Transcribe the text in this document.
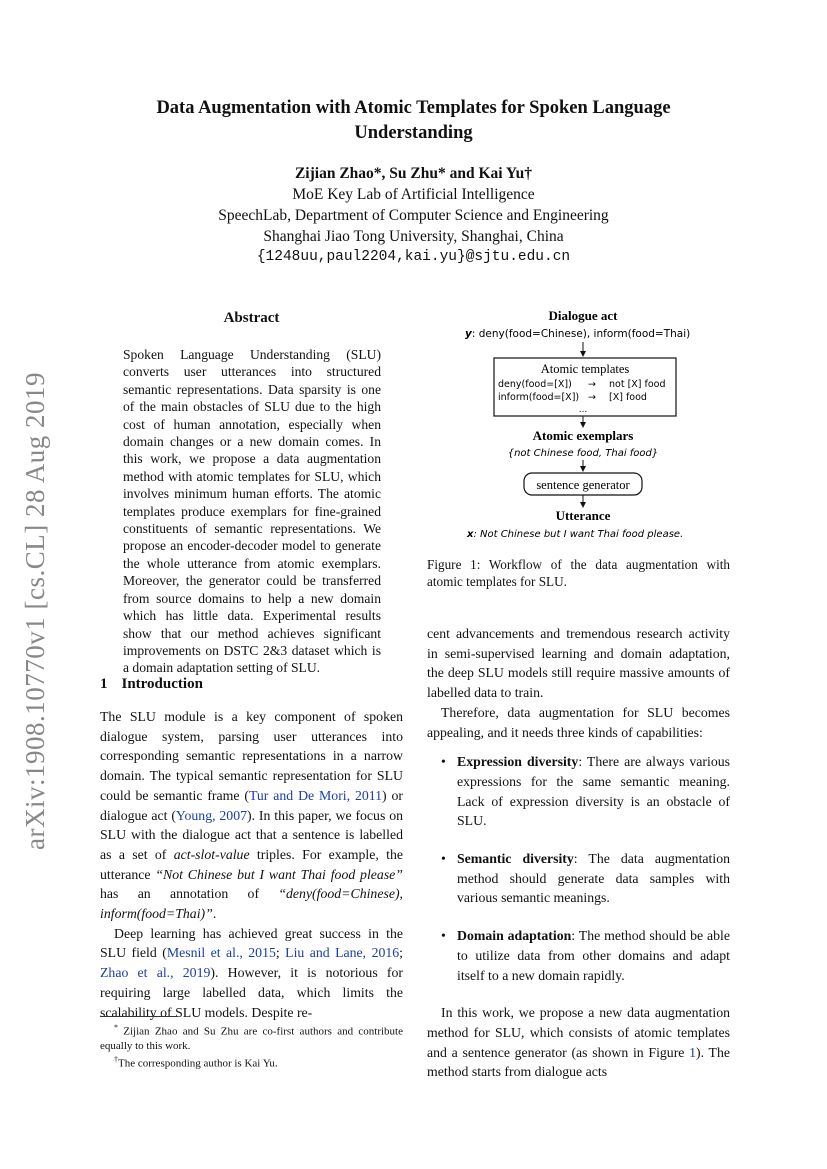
arXiv:1908.10770v1 [cs.CL] 28 Aug 2019
Data Augmentation with Atomic Templates for Spoken Language Understanding
Zijian Zhao*, Su Zhu* and Kai Yu†
MoE Key Lab of Artificial Intelligence
SpeechLab, Department of Computer Science and Engineering
Shanghai Jiao Tong University, Shanghai, China
{1248uu,paul2204,kai.yu}@sjtu.edu.cn
Abstract
Spoken Language Understanding (SLU) converts user utterances into structured semantic representations. Data sparsity is one of the main obstacles of SLU due to the high cost of human annotation, especially when domain changes or a new domain comes. In this work, we propose a data augmentation method with atomic templates for SLU, which involves minimum human efforts. The atomic templates produce exemplars for fine-grained constituents of semantic representations. We propose an encoder-decoder model to generate the whole utterance from atomic exemplars. Moreover, the generator could be transferred from source domains to help a new domain which has little data. Experimental results show that our method achieves significant improvements on DSTC 2&3 dataset which is a domain adaptation setting of SLU.
Dialogue act
y: deny(food=Chinese), inform(food=Thai)
Atomic templates
deny(food=[X]) → not [X] food
inform(food=[X]) → [X] food
...
Atomic exemplars
{not Chinese food, Thai food}
sentence generator
Utterance
x: Not Chinese but I want Thai food please.
Figure 1: Workflow of the data augmentation with atomic templates for SLU.
1 Introduction

The SLU module is a key component of spoken dialogue system, parsing user utterances into corresponding semantic representations in a narrow domain. The typical semantic representation for SLU could be semantic frame (Tur and De Mori, 2011) or dialogue act (Young, 2007). In this paper, we focus on SLU with the dialogue act that a sentence is labelled as a set of act-slot-value triples. For example, the utterance “Not Chinese but I want Thai food please” has an annotation of “deny(food=Chinese), inform(food=Thai)”.

Deep learning has achieved great success in the SLU field (Mesnil et al., 2015; Liu and Lane, 2016; Zhao et al., 2019). However, it is notorious for requiring large labelled data, which limits the scalability of SLU models. Despite re-

* Zijian Zhao and Su Zhu are co-first authors and contribute equally to this work.

†The corresponding author is Kai Yu.

cent advancements and tremendous research activity in semi-supervised learning and domain adaptation, the deep SLU models still require massive amounts of labelled data to train.

Therefore, data augmentation for SLU becomes appealing, and it needs three kinds of capabilities:

• Expression diversity: There are always various expressions for the same semantic meaning. Lack of expression diversity is an obstacle of SLU.
• Semantic diversity: The data augmentation method should generate data samples with various semantic meanings.
• Domain adaptation: The method should be able to utilize data from other domains and adapt itself to a new domain rapidly.

In this work, we propose a new data augmentation method for SLU, which consists of atomic templates and a sentence generator (as shown in Figure 1). The method starts from dialogue acts
